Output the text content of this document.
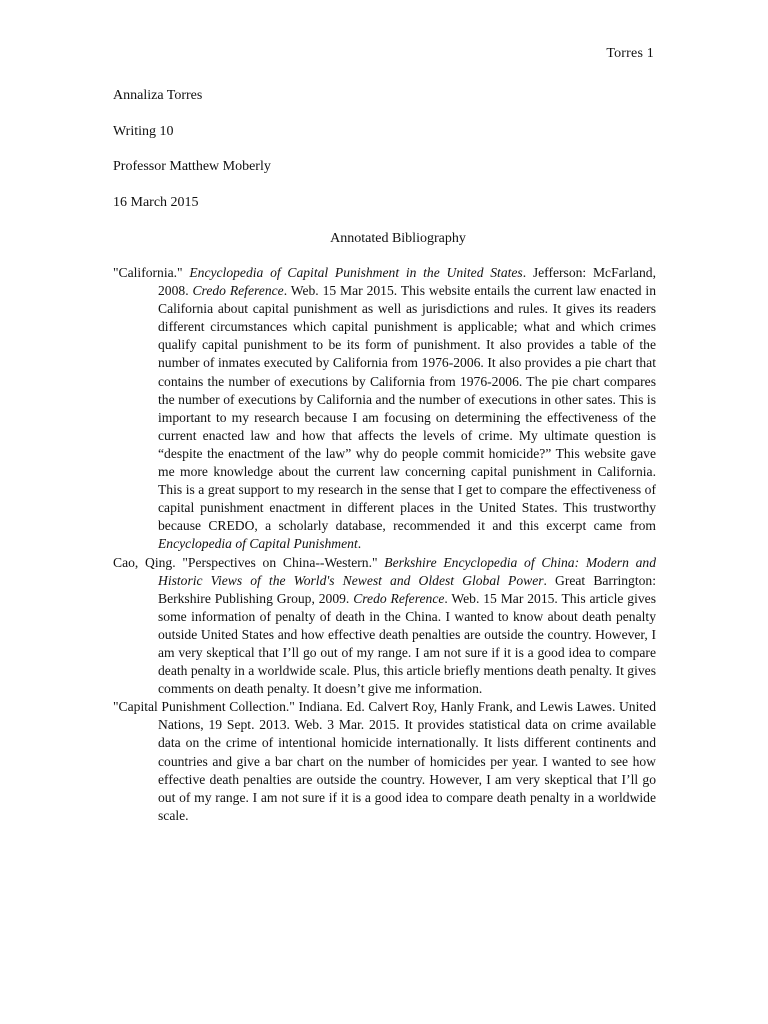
Torres 1
Annaliza Torres
Writing 10
Professor Matthew Moberly
16 March 2015
Annotated Bibliography

"California." Encyclopedia of Capital Punishment in the United States. Jefferson: McFarland, 2008. Credo Reference. Web. 15 Mar 2015. This website entails the current law enacted in California about capital punishment as well as jurisdictions and rules. It gives its readers different circumstances which capital punishment is applicable; what and which crimes qualify capital punishment to be its form of punishment. It also provides a table of the number of inmates executed by California from 1976-2006. It also provides a pie chart that contains the number of executions by California from 1976-2006. The pie chart compares the number of executions by California and the number of executions in other sates. This is important to my research because I am focusing on determining the effectiveness of the current enacted law and how that affects the levels of crime. My ultimate question is “despite the enactment of the law” why do people commit homicide?” This website gave me more knowledge about the current law concerning capital punishment in California. This is a great support to my research in the sense that I get to compare the effectiveness of capital punishment enactment in different places in the United States. This trustworthy because CREDO, a scholarly database, recommended it and this excerpt came from Encyclopedia of Capital Punishment.

Cao, Qing. "Perspectives on China--Western." Berkshire Encyclopedia of China: Modern and Historic Views of the World's Newest and Oldest Global Power. Great Barrington: Berkshire Publishing Group, 2009. Credo Reference. Web. 15 Mar 2015. This article gives some information of penalty of death in the China. I wanted to know about death penalty outside United States and how effective death penalties are outside the country. However, I am very skeptical that I’ll go out of my range. I am not sure if it is a good idea to compare death penalty in a worldwide scale. Plus, this article briefly mentions death penalty. It gives comments on death penalty. It doesn’t give me information.

"Capital Punishment Collection." Indiana. Ed. Calvert Roy, Hanly Frank, and Lewis Lawes. United Nations, 19 Sept. 2013. Web. 3 Mar. 2015. It provides statistical data on crime available data on the crime of intentional homicide internationally. It lists different continents and countries and give a bar chart on the number of homicides per year. I wanted to see how effective death penalties are outside the country. However, I am very skeptical that I’ll go out of my range. I am not sure if it is a good idea to compare death penalty in a worldwide scale.
